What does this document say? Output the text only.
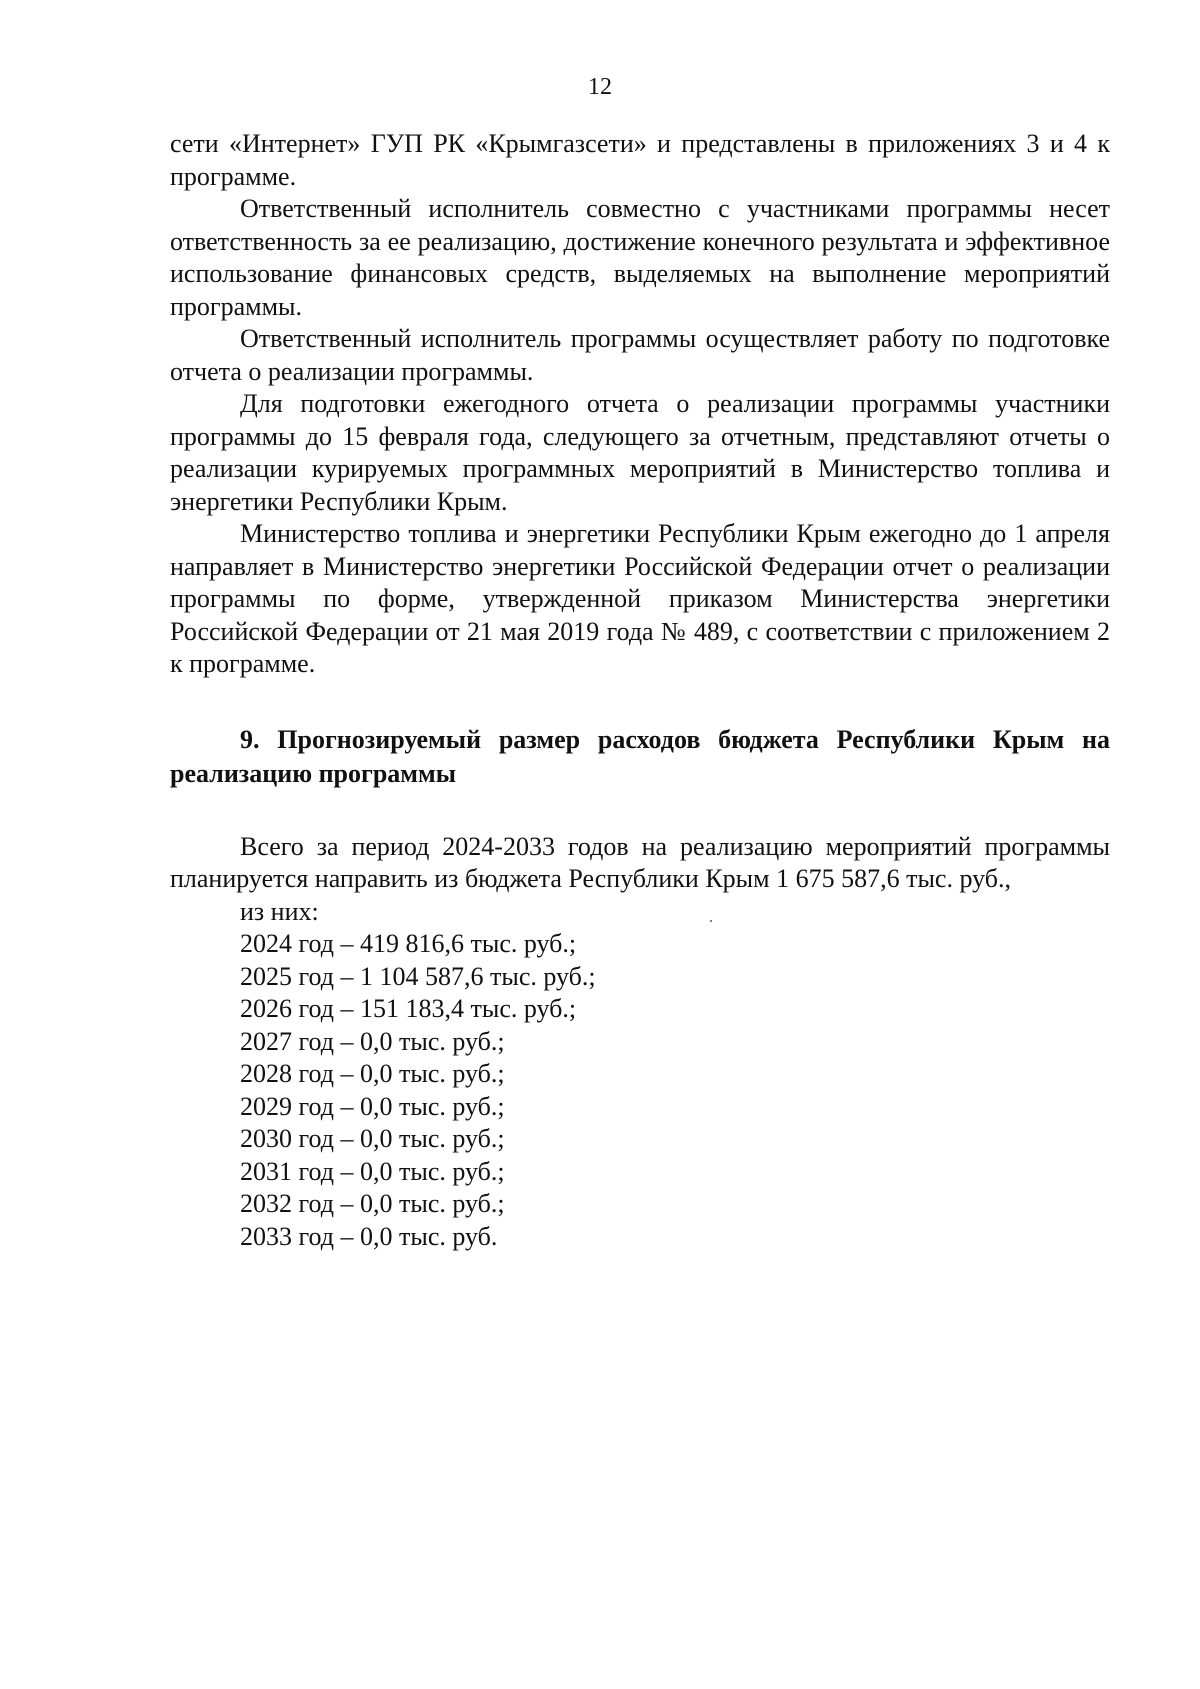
12

сети «Интернет» ГУП РК «Крымгазсети» и представлены в приложениях 3 и 4 к программе.

Ответственный исполнитель совместно с участниками программы несет ответственность за ее реализацию, достижение конечного результата и эффективное использование финансовых средств, выделяемых на выполнение мероприятий программы.

Ответственный исполнитель программы осуществляет работу по подготовке отчета о реализации программы.

Для подготовки ежегодного отчета о реализации программы участники программы до 15 февраля года, следующего за отчетным, представляют отчеты о реализации курируемых программных мероприятий в Министерство топлива и энергетики Республики Крым.

Министерство топлива и энергетики Республики Крым ежегодно до 1 апреля направляет в Министерство энергетики Российской Федерации отчет о реализации программы по форме, утвержденной приказом Министерства энергетики Российской Федерации от 21 мая 2019 года № 489, с соответствии с приложением 2 к программе.

9. Прогнозируемый размер расходов бюджета Республики Крым на реализацию программы

Всего за период 2024-2033 годов на реализацию мероприятий программы планируется направить из бюджета Республики Крым 1 675 587,6 тыс. руб.,

из них:
2024 год – 419 816,6 тыс. руб.;
2025 год – 1 104 587,6 тыс. руб.;
2026 год – 151 183,4 тыс. руб.;
2027 год – 0,0 тыс. руб.;
2028 год – 0,0 тыс. руб.;
2029 год – 0,0 тыс. руб.;
2030 год – 0,0 тыс. руб.;
2031 год – 0,0 тыс. руб.;
2032 год – 0,0 тыс. руб.;
2033 год – 0,0 тыс. руб.
